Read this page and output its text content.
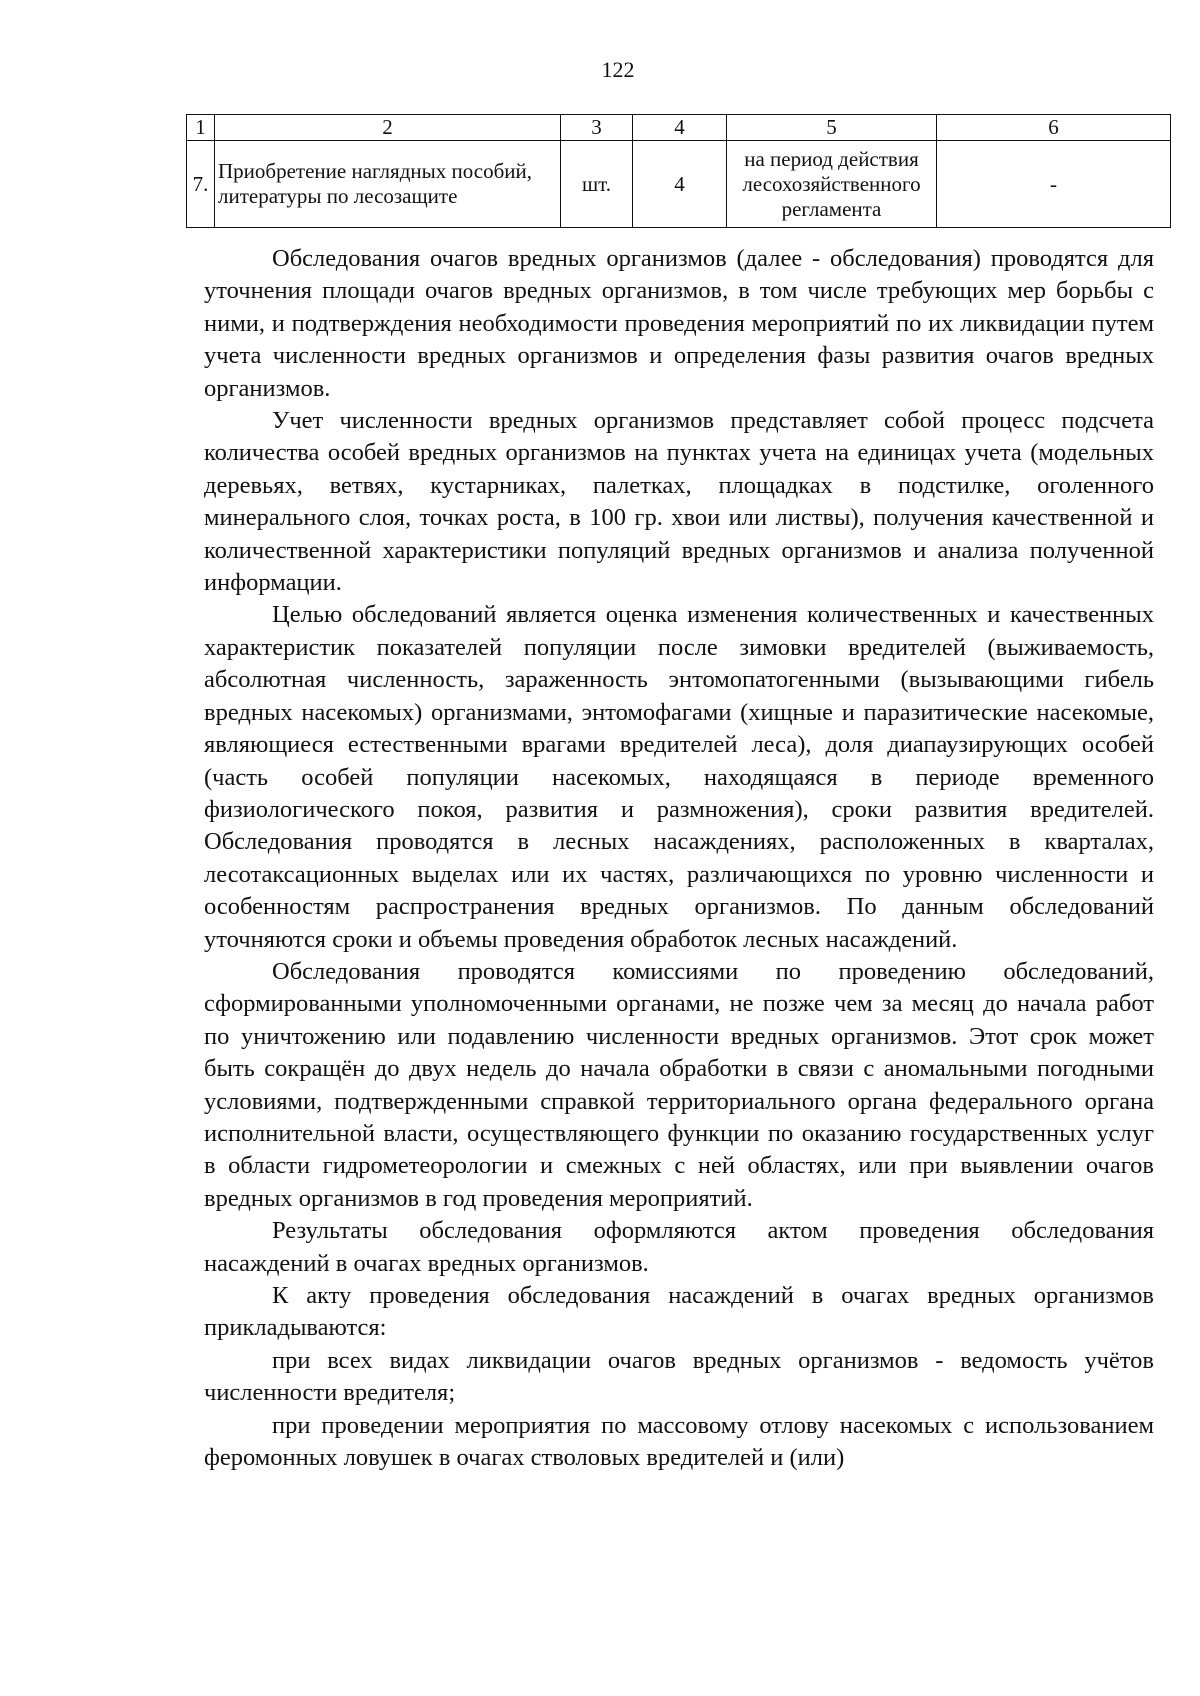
122
1	2	3	4	5	6
7.	Приобретение наглядных пособий, литературы по лесозащите	шт.	4	на период действия лесохозяйственного регламента	-

Обследования очагов вредных организмов (далее - обследования) проводятся для уточнения площади очагов вредных организмов, в том числе требующих мер борьбы с ними, и подтверждения необходимости проведения мероприятий по их ликвидации путем учета численности вредных организмов и определения фазы развития очагов вредных организмов.

Учет численности вредных организмов представляет собой процесс подсчета количества особей вредных организмов на пунктах учета на единицах учета (модельных деревьях, ветвях, кустарниках, палетках, площадках в подстилке, оголенного минерального слоя, точках роста, в 100 гр. хвои или листвы), получения качественной и количественной характеристики популяций вредных организмов и анализа полученной информации.

Целью обследований является оценка изменения количественных и качественных характеристик показателей популяции после зимовки вредителей (выживаемость, абсолютная численность, зараженность энтомопатогенными (вызывающими гибель вредных насекомых) организмами, энтомофагами (хищные и паразитические насекомые, являющиеся естественными врагами вредителей леса), доля диапаузирующих особей (часть особей популяции насекомых, находящаяся в периоде временного физиологического покоя, развития и размножения), сроки развития вредителей. Обследования проводятся в лесных насаждениях, расположенных в кварталах, лесотаксационных выделах или их частях, различающихся по уровню численности и особенностям распространения вредных организмов. По данным обследований уточняются сроки и объемы проведения обработок лесных насаждений.

Обследования проводятся комиссиями по проведению обследований, сформированными уполномоченными органами, не позже чем за месяц до начала работ по уничтожению или подавлению численности вредных организмов. Этот срок может быть сокращён до двух недель до начала обработки в связи с аномальными погодными условиями, подтвержденными справкой территориального органа федерального органа исполнительной власти, осуществляющего функции по оказанию государственных услуг в области гидрометеорологии и смежных с ней областях, или при выявлении очагов вредных организмов в год проведения мероприятий.

Результаты обследования оформляются актом проведения обследования насаждений в очагах вредных организмов.

К акту проведения обследования насаждений в очагах вредных организмов прикладываются:

при всех видах ликвидации очагов вредных организмов - ведомость учётов численности вредителя;

при проведении мероприятия по массовому отлову насекомых с использованием феромонных ловушек в очагах стволовых вредителей и (или)
